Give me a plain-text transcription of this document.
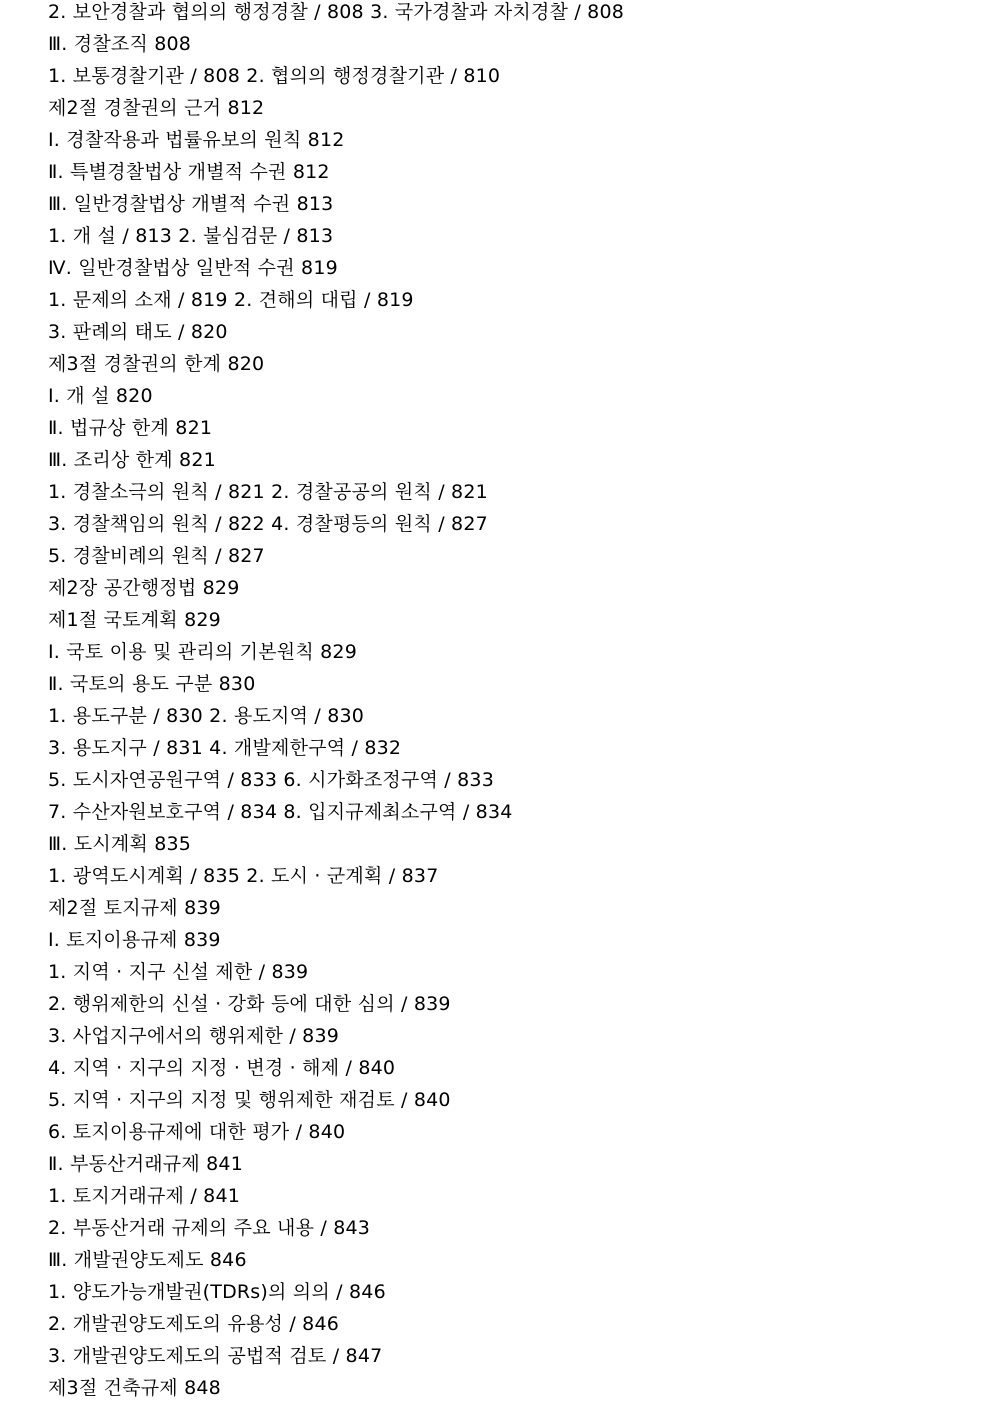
2. 보안경찰과 협의의 행정경찰 / 808 3. 국가경찰과 자치경찰 / 808
Ⅲ. 경찰조직 808
1. 보통경찰기관 / 808 2. 협의의 행정경찰기관 / 810
제2절 경찰권의 근거 812
Ⅰ. 경찰작용과 법률유보의 원칙 812
Ⅱ. 특별경찰법상 개별적 수권 812
Ⅲ. 일반경찰법상 개별적 수권 813
1. 개 설 / 813 2. 불심검문 / 813
Ⅳ. 일반경찰법상 일반적 수권 819
1. 문제의 소재 / 819 2. 견해의 대립 / 819
3. 판례의 태도 / 820
제3절 경찰권의 한계 820
Ⅰ. 개 설 820
Ⅱ. 법규상 한계 821
Ⅲ. 조리상 한계 821
1. 경찰소극의 원칙 / 821 2. 경찰공공의 원칙 / 821
3. 경찰책임의 원칙 / 822 4. 경찰평등의 원칙 / 827
5. 경찰비례의 원칙 / 827
제2장 공간행정법 829
제1절 국토계획 829
Ⅰ. 국토 이용 및 관리의 기본원칙 829
Ⅱ. 국토의 용도 구분 830
1. 용도구분 / 830 2. 용도지역 / 830
3. 용도지구 / 831 4. 개발제한구역 / 832
5. 도시자연공원구역 / 833 6. 시가화조정구역 / 833
7. 수산자원보호구역 / 834 8. 입지규제최소구역 / 834
Ⅲ. 도시계획 835
1. 광역도시계획 / 835 2. 도시 · 군계획 / 837
제2절 토지규제 839
Ⅰ. 토지이용규제 839
1. 지역 · 지구 신설 제한 / 839
2. 행위제한의 신설 · 강화 등에 대한 심의 / 839
3. 사업지구에서의 행위제한 / 839
4. 지역 · 지구의 지정 · 변경 · 해제 / 840
5. 지역 · 지구의 지정 및 행위제한 재검토 / 840
6. 토지이용규제에 대한 평가 / 840
Ⅱ. 부동산거래규제 841
1. 토지거래규제 / 841
2. 부동산거래 규제의 주요 내용 / 843
Ⅲ. 개발권양도제도 846
1. 양도가능개발권(TDRs)의 의의 / 846
2. 개발권양도제도의 유용성 / 846
3. 개발권양도제도의 공법적 검토 / 847
제3절 건축규제 848
